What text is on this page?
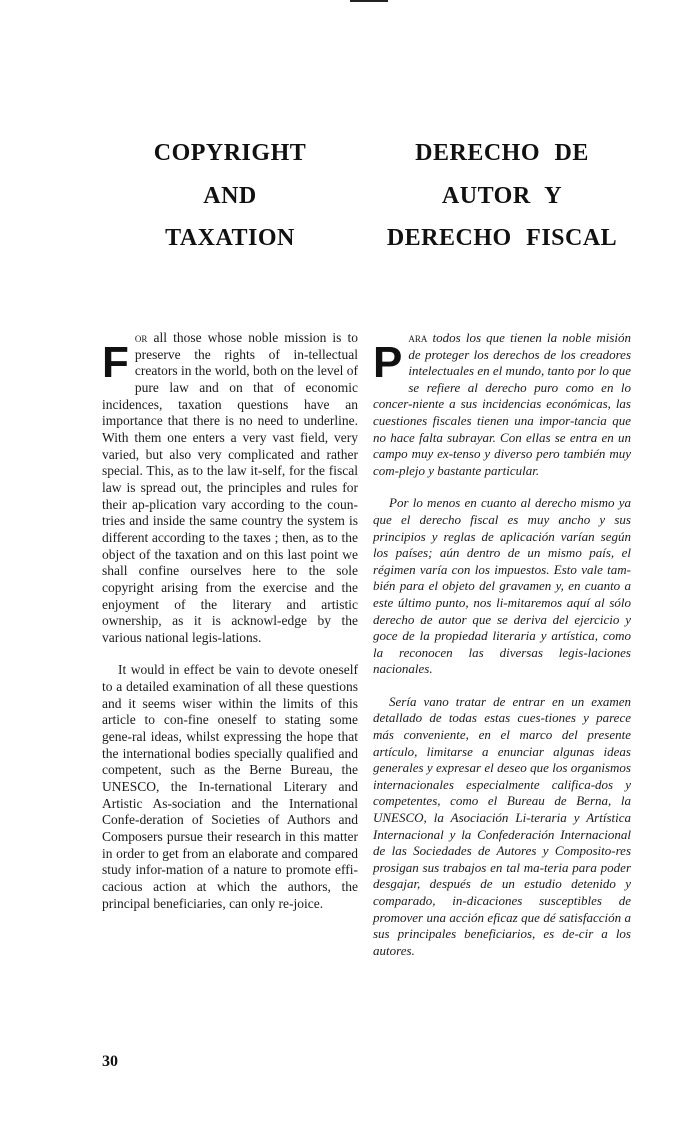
COPYRIGHT
AND
TAXATION

F
or all those whose noble mission is to preserve the rights of in-tellectual creators in the world, both on the level of pure law and on that of economic incidences, taxation questions have an importance that there is no need to underline. With them one enters a very vast field, very varied, but also very complicated and rather special. This, as to the law it-self, for the fiscal law is spread out, the principles and rules for their ap-plication vary according to the coun-tries and inside the same country the system is different according to the taxes ; then, as to the object of the taxation and on this last point we shall confine ourselves here to the sole copyright arising from the exercise and the enjoyment of the literary and artistic ownership, as it is acknowl-edge by the various national legis-lations.

It would in effect be vain to devote oneself to a detailed examination of all these questions and it seems wiser within the limits of this article to con-fine oneself to stating some gene-ral ideas, whilst expressing the hope that the international bodies specially qualified and competent, such as the Berne Bureau, the UNESCO, the In-ternational Literary and Artistic As-sociation and the International Confe-deration of Societies of Authors and Composers pursue their research in this matter in order to get from an elaborate and compared study infor-mation of a nature to promote effi-cacious action at which the authors, the principal beneficiaries, can only re-joice.

DERECHO DE
AUTOR Y
DERECHO FISCAL

P
ara todos los que tienen la noble misión de proteger los derechos de los creadores intelectuales en el mundo, tanto por lo que se refiere al derecho puro como en lo concer-niente a sus incidencias económicas, las cuestiones fiscales tienen una impor-tancia que no hace falta subrayar. Con ellas se entra en un campo muy ex-tenso y diverso pero también muy com-plejo y bastante particular.

Por lo menos en cuanto al derecho mismo ya que el derecho fiscal es muy ancho y sus principios y reglas de aplicación varían según los países; aún dentro de un mismo país, el régimen varía con los impuestos. Esto vale tam-bién para el objeto del gravamen y, en cuanto a este último punto, nos li-mitaremos aquí al sólo derecho de autor que se deriva del ejercicio y goce de la propiedad literaria y artística, como la reconocen las diversas legis-laciones nacionales.

Sería vano tratar de entrar en un examen detallado de todas estas cues-tiones y parece más conveniente, en el marco del presente artículo, limitarse a enunciar algunas ideas generales y expresar el deseo que los organismos internacionales especialmente califica-dos y competentes, como el Bureau de Berna, la UNESCO, la Asociación Li-teraria y Artística Internacional y la Confederación Internacional de las Sociedades de Autores y Composito-res prosigan sus trabajos en tal ma-teria para poder desgajar, después de un estudio detenido y comparado, in-dicaciones susceptibles de promover una acción eficaz que dé satisfacción a sus principales beneficiarios, es de-cir a los autores.

30
